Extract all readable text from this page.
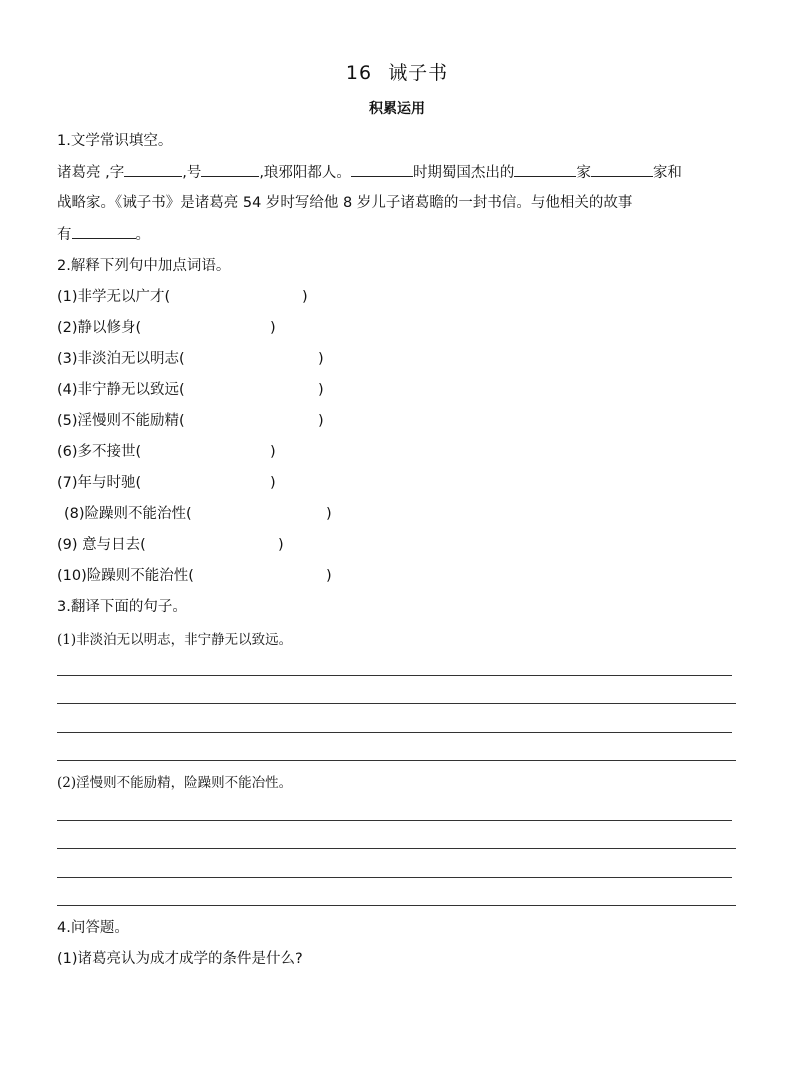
16 诫子书
积累运用
1.文学常识填空。
诸葛亮 ,字	,号	,琅邪阳都人。	时期蜀国杰出的	家	家和
战略家。《诫子书》是诸葛亮 54 岁时写给他 8 岁儿子诸葛瞻的一封书信。与他相关的故事
有	。
2.解释下列句中加点词语。
(1)非学无以广才(	)
(2)静以修身(	)
(3)非淡泊无以明志(	)
(4)非宁静无以致远(	)
(5)淫慢则不能励精(	)
(6)多不接世(	)
(7)年与时驰(	)
(8)险躁则不能治性(	)
(9) 意与日去(	)
(10)险躁则不能治性(	)
3.翻译下面的句子。
(1)非淡泊无以明志，非宁静无以致远。
(2)淫慢则不能励精，险躁则不能冶性。
4.问答题。
(1)诸葛亮认为成才成学的条件是什么?
